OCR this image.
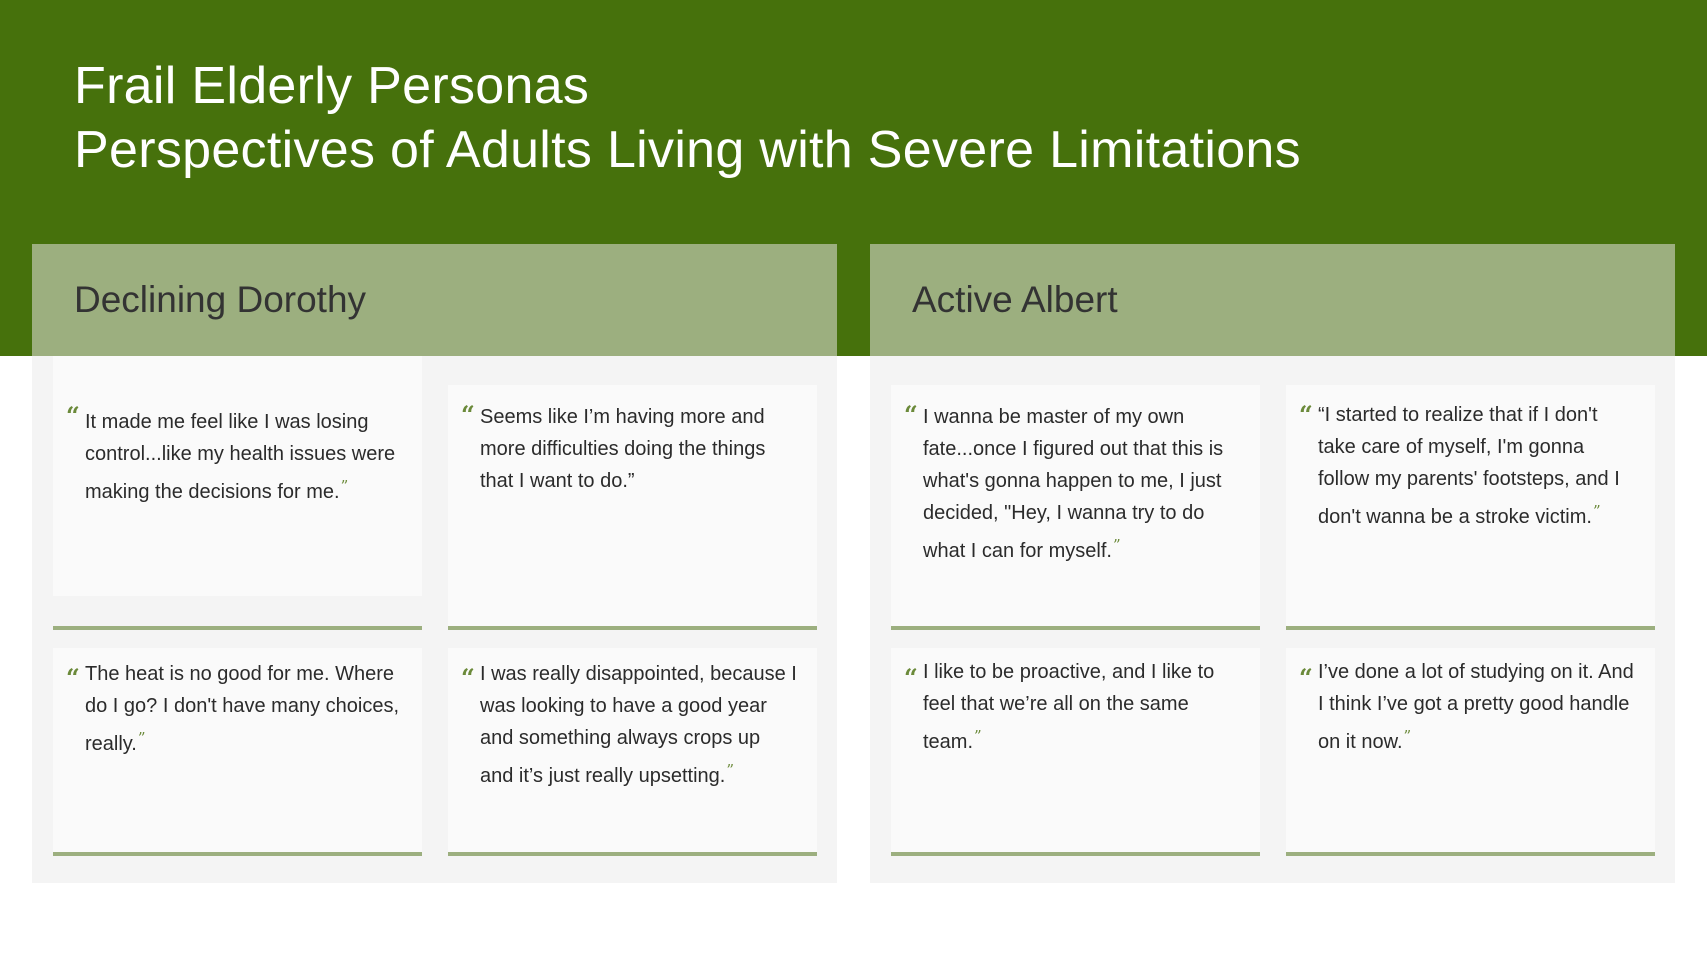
Frail Elderly Personas
Perspectives of Adults Living with Severe Limitations
Declining Dorothy
“ It made me feel like I was losing control...like my health issues were making the decisions for me.”
“ Seems like I’m having more and more difficulties doing the things that I want to do.”
“ The heat is no good for me. Where do I go? I don't have many choices, really.”
“ I was really disappointed, because I was looking to have a good year and something always crops up and it’s just really upsetting.”
Active Albert
“ I wanna be master of my own fate...once I figured out that this is what's gonna happen to me, I just decided, "Hey, I wanna try to do what I can for myself.”
“ “I started to realize that if I don't take care of myself, I'm gonna follow my parents' footsteps, and I don't wanna be a stroke victim.”
“ I like to be proactive, and I like to feel that we’re all on the same team.”
“ I’ve done a lot of studying on it. And I think I’ve got a pretty good handle on it now.”
